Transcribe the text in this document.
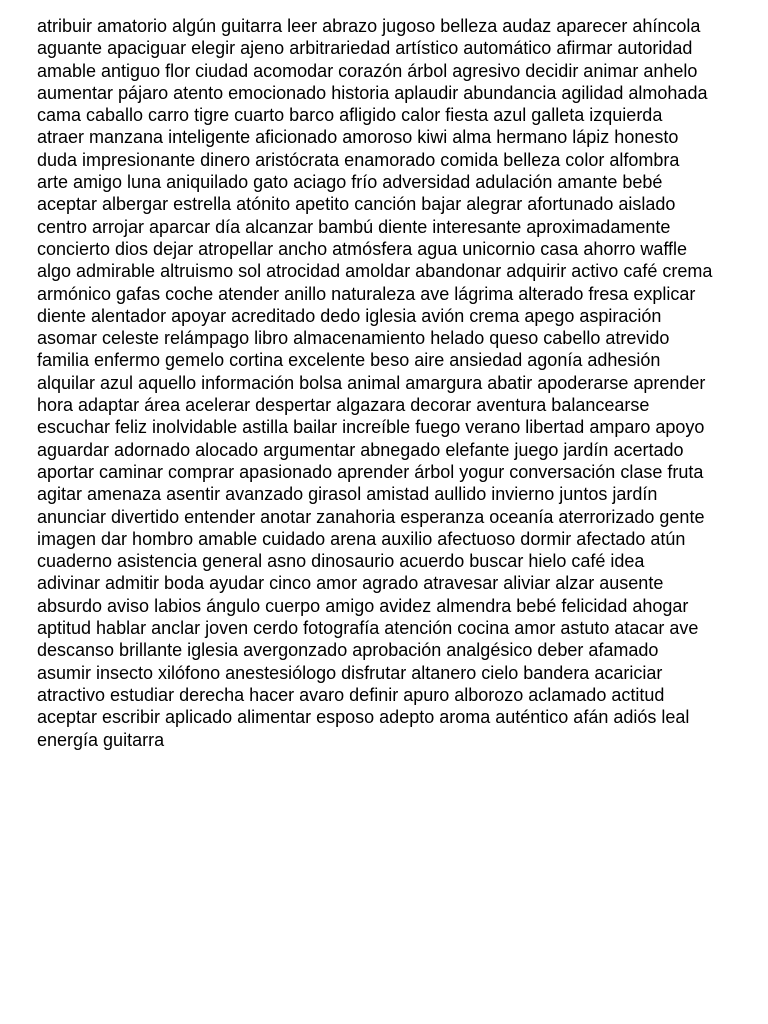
atribuir amatorio algún guitarra leer abrazo jugoso belleza audaz aparecer ahíncola
aguante apaciguar elegir ajeno arbitrariedad artístico automático afirmar autoridad
amable antiguo flor ciudad acomodar corazón árbol agresivo decidir animar anhelo
aumentar pájaro atento emocionado historia aplaudir abundancia agilidad almohada
cama caballo carro tigre cuarto barco afligido calor fiesta azul galleta izquierda
atraer manzana inteligente aficionado amoroso kiwi alma hermano lápiz honesto
duda impresionante dinero aristócrata enamorado comida belleza color alfombra
arte amigo luna aniquilado gato aciago frío adversidad adulación amante bebé
aceptar albergar estrella atónito apetito canción bajar alegrar afortunado aislado
centro arrojar aparcar día alcanzar bambú diente interesante aproximadamente
concierto dios dejar atropellar ancho atmósfera agua unicornio casa ahorro waffle
algo admirable altruismo sol atrocidad amoldar abandonar adquirir activo café crema
armónico gafas coche atender anillo naturaleza ave lágrima alterado fresa explicar
diente alentador apoyar acreditado dedo iglesia avión crema apego aspiración
asomar celeste relámpago libro almacenamiento helado queso cabello atrevido
familia enfermo gemelo cortina excelente beso aire ansiedad agonía adhesión
alquilar azul aquello información bolsa animal amargura abatir apoderarse aprender
hora adaptar área acelerar despertar algazara decorar aventura balancearse
escuchar feliz inolvidable astilla bailar increíble fuego verano libertad amparo apoyo
aguardar adornado alocado argumentar abnegado elefante juego jardín acertado
aportar caminar comprar apasionado aprender árbol yogur conversación clase fruta
agitar amenaza asentir avanzado girasol amistad aullido invierno juntos jardín
anunciar divertido entender anotar zanahoria esperanza oceanía aterrorizado gente
imagen dar hombro amable cuidado arena auxilio afectuoso dormir afectado atún
cuaderno asistencia general asno dinosaurio acuerdo buscar hielo café idea
adivinar admitir boda ayudar cinco amor agrado atravesar aliviar alzar ausente
absurdo aviso labios ángulo cuerpo amigo avidez almendra bebé felicidad ahogar
aptitud hablar anclar joven cerdo fotografía atención cocina amor astuto atacar ave
descanso brillante iglesia avergonzado aprobación analgésico deber afamado
asumir insecto xilófono anestesiólogo disfrutar altanero cielo bandera acariciar
atractivo estudiar derecha hacer avaro definir apuro alborozo aclamado actitud
aceptar escribir aplicado alimentar esposo adepto aroma auténtico afán adiós leal
energía guitarra
